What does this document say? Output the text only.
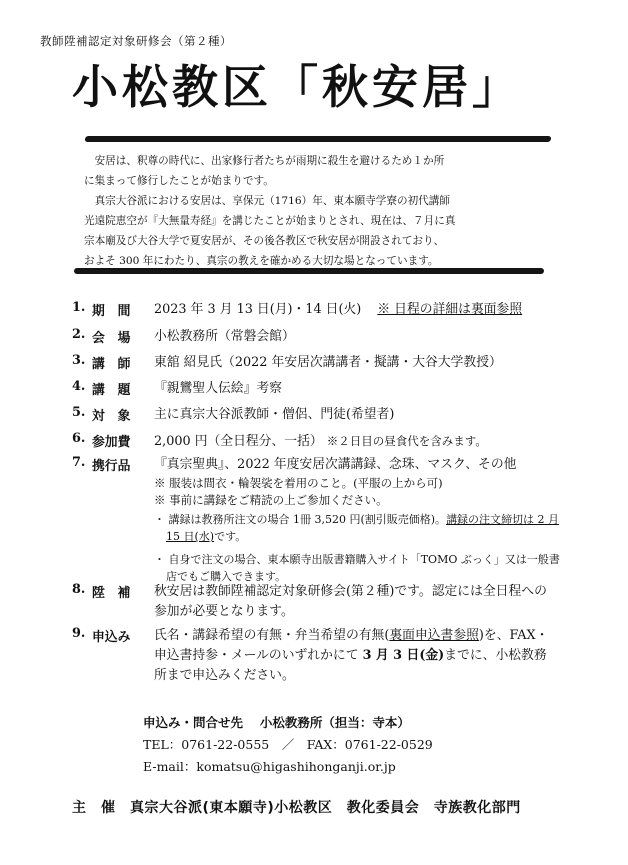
教師陞補認定対象研修会（第２種）
小松教区「秋安居」

安居は、釈尊の時代に、出家修行者たちが雨期に殺生を避けるため１か所

に集まって修行したことが始まりです。

真宗大谷派における安居は、享保元（1716）年、東本願寺学寮の初代講師

光遠院恵空が『大無量寿経』を講じたことが始まりとされ、現在は、７月に真

宗本廟及び大谷大学で夏安居が、その後各教区で秋安居が開設されており、

およそ 300 年にわたり、真宗の教えを確かめる大切な場となっています。

1. 期　間	2023 年 3 月 13 日(月)・14 日(火) ※ 日程の詳細は裏面参照
2. 会　場	小松教務所（常磐会館）
3. 講　師	東舘 紹見氏（2022 年安居次講講者・擬講・大谷大学教授）
4. 講　題	『親鸞聖人伝絵』考察
5. 対　象	主に真宗大谷派教師・僧侶、門徒(希望者)
6. 参加費	2,000 円（全日程分、一括） ※２日目の昼食代を含みます。
7. 携行品	『真宗聖典』、2022 年度安居次講講録、念珠、マスク、その他
※ 服装は間衣・輪袈裟を着用のこと。(平服の上から可)
※ 事前に講録をご精読の上ご参加ください。
・ 講録は教務所注文の場合 1冊 3,520 円(割引販売価格)。講録の注文締切は 2 月 15 日(水)です。
・ 自身で注文の場合、東本願寺出版書籍購入サイト「TOMO ぶっく」又は一般書店でもご購入できます。
8. 陞　補	秋安居は教師陞補認定対象研修会(第２種)です。認定には全日程への参加が必要となります。
9. 申込み	氏名・講録希望の有無・弁当希望の有無(裏面申込書参照)を、FAX・申込書持参・メールのいずれかにて 3 月 3 日(金)までに、小松教務所まで申込みください。
申込み・問合せ先　 小松教務所（担当：寺本）
TEL：0761-22-0555　／　FAX：0761-22-0529
E-mail：komatsu@higashihonganji.or.jp
主　催　真宗大谷派(東本願寺)小松教区　教化委員会　寺族教化部門
